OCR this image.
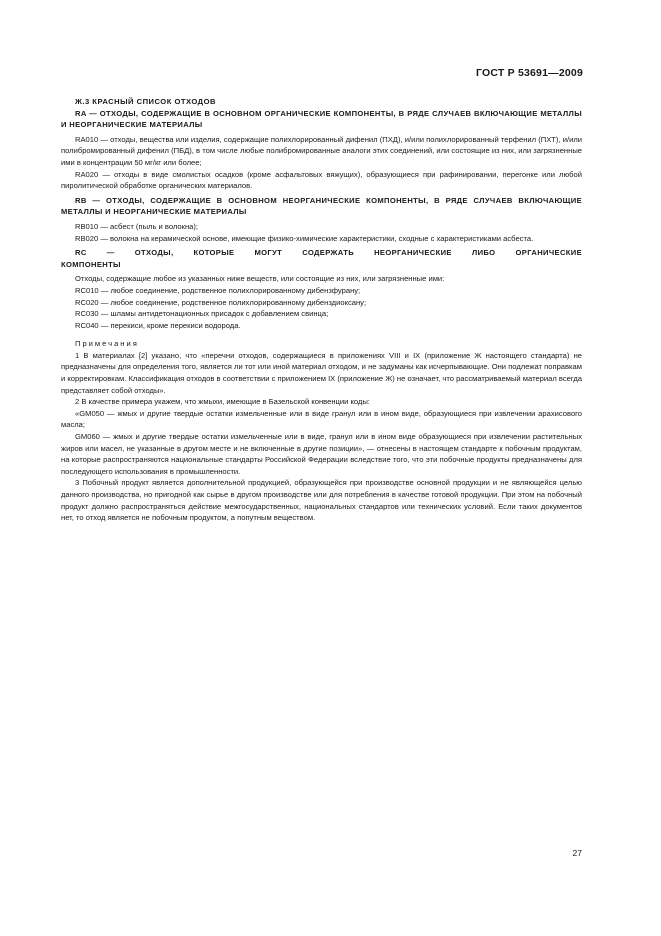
ГОСТ Р 53691—2009

Ж.3 КРАСНЫЙ СПИСОК ОТХОДОВ

RA — ОТХОДЫ, СОДЕРЖАЩИЕ В ОСНОВНОМ ОРГАНИЧЕСКИЕ КОМПОНЕНТЫ, В РЯДЕ СЛУЧАЕВ ВКЛЮЧАЮЩИЕ МЕТАЛЛЫ И НЕОРГАНИЧЕСКИЕ МАТЕРИАЛЫ

RA010 — отходы, вещества или изделия, содержащие полихлорированный дифенил (ПХД), и/или полихлорированный терфенил (ПХТ), и/или полибромированный дифенил (ПБД), в том числе любые полибромированные аналоги этих соединений, или состоящие из них, или загрязненные ими в концентрации 50 мг/кг или более;

RA020 — отходы в виде смолистых осадков (кроме асфальтовых вяжущих), образующиеся при рафинировании, перегонке или любой пиролитической обработке органических материалов.

RB — ОТХОДЫ, СОДЕРЖАЩИЕ В ОСНОВНОМ НЕОРГАНИЧЕСКИЕ КОМПОНЕНТЫ, В РЯДЕ СЛУЧАЕВ ВКЛЮЧАЮЩИЕ МЕТАЛЛЫ И НЕОРГАНИЧЕСКИЕ МАТЕРИАЛЫ

RB010 — асбест (пыль и волокна);

RB020 — волокна на керамической основе, имеющие физико-химические характеристики, сходные с характеристиками асбеста.

RC — ОТХОДЫ, КОТОРЫЕ МОГУТ СОДЕРЖАТЬ НЕОРГАНИЧЕСКИЕ ЛИБО ОРГАНИЧЕСКИЕ КОМПОНЕНТЫ

Отходы, содержащие любое из указанных ниже веществ, или состоящие из них, или загрязненные ими:

RC010 — любое соединение, родственное полихлорированному дибензфурану;

RC020 — любое соединение, родственное полихлорированному дибенздиоксану;

RC030 — шламы антидетонационных присадок с добавлением свинца;

RC040 — перекиси, кроме перекиси водорода.

Примечания

1 В материалах [2] указано, что «перечни отходов, содержащиеся в приложениях VIII и IX (приложение Ж настоящего стандарта) не предназначены для определения того, является ли тот или иной материал отходом, и не задуманы как исчерпывающие. Они подлежат поправкам и корректировкам. Классификация отходов в соответствии с приложением IX (приложение Ж) не означает, что рассматриваемый материал всегда представляет собой отходы».

2 В качестве примера укажем, что жмыхи, имеющие в Базельской конвенции коды:

«GM050 — жмых и другие твердые остатки измельченные или в виде гранул или в ином виде, образующиеся при извлечении арахисового масла;

GM060 — жмых и другие твердые остатки измельченные или в виде, гранул или в ином виде образующиеся при извлечении растительных жиров или масел, не указанные в другом месте и не включенные в другие позиции», — отнесены в настоящем стандарте к побочным продуктам, на которые распространяются национальные стандарты Российской Федерации вследствие того, что эти побочные продукты предназначены для последующего использования в промышленности.

3 Побочный продукт является дополнительной продукцией, образующейся при производстве основной продукции и не являющейся целью данного производства, но пригодной как сырье в другом производстве или для потребления в качестве готовой продукции. При этом на побочный продукт должно распространяться действие межгосударственных, национальных стандартов или технических условий. Если таких документов нет, то отход является не побочным продуктом, а попутным веществом.

27
